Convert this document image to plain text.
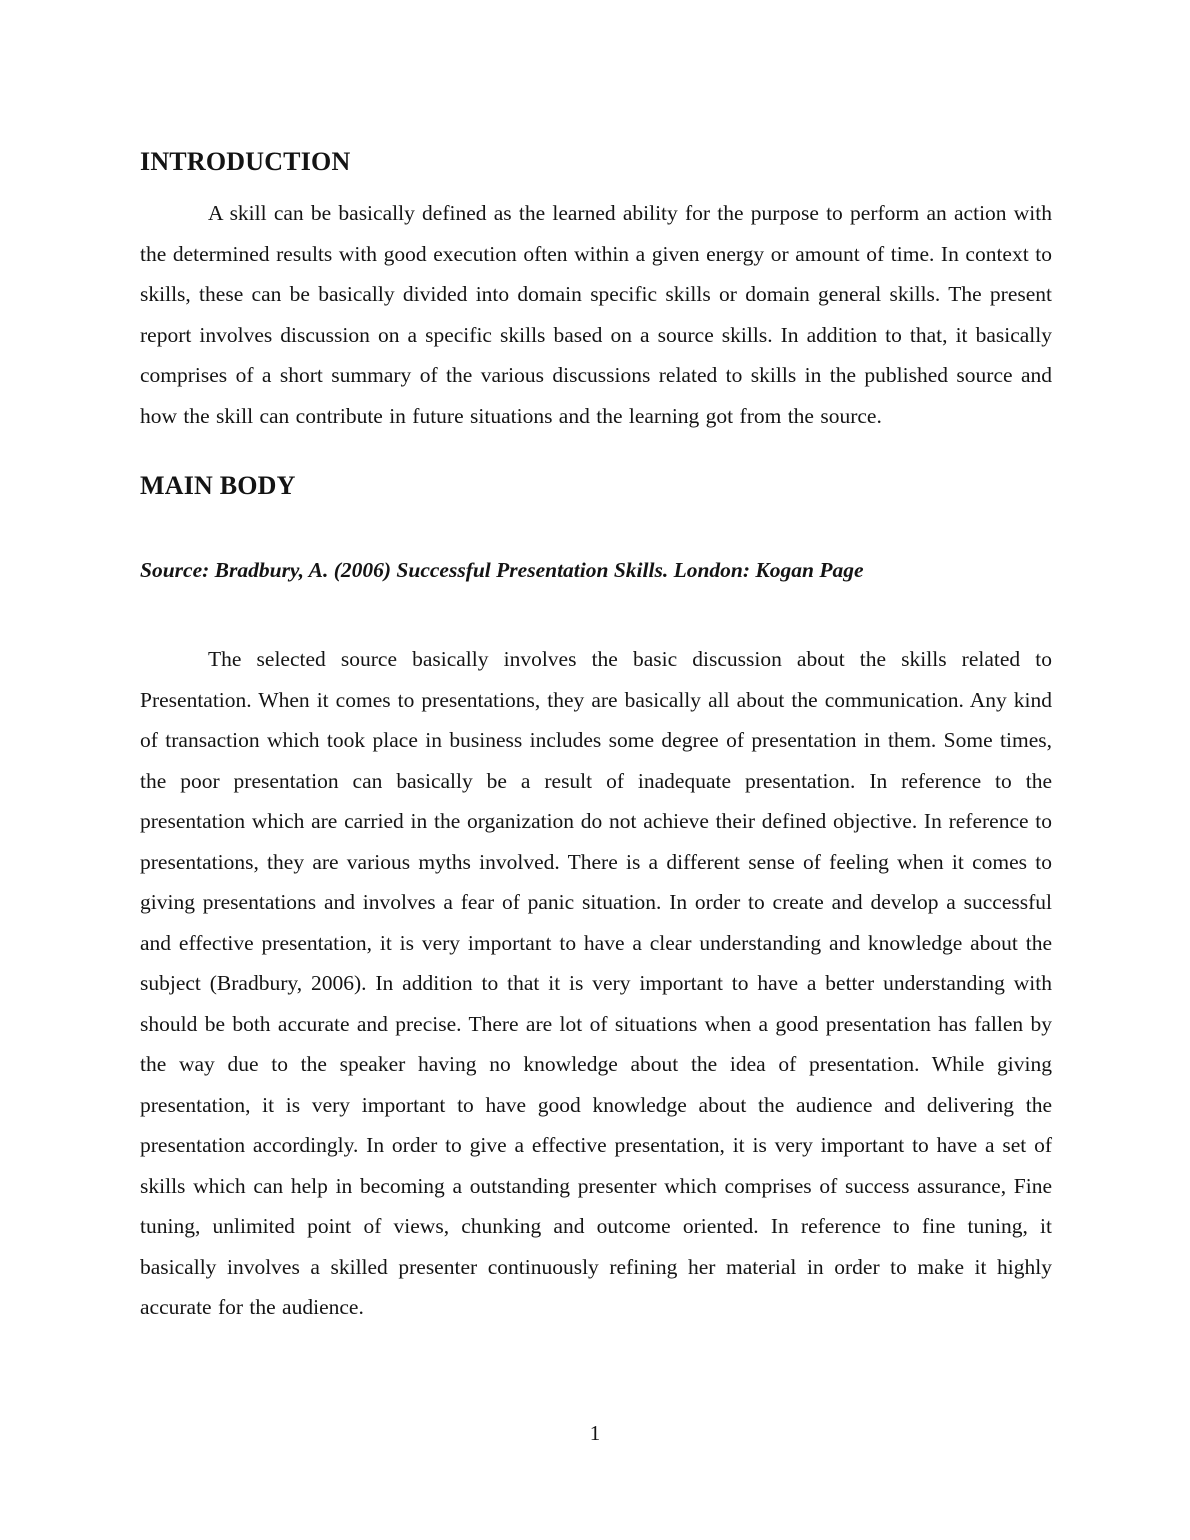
INTRODUCTION

A skill can be basically defined as the learned ability for the purpose to perform an action with the determined results with good execution often within a given energy or amount of time. In context to skills, these can be basically divided into domain specific skills or domain general skills. The present report involves discussion on a specific skills based on a source skills. In addition to that, it basically comprises of a short summary of the various discussions related to skills in the published source and how the skill can contribute in future situations and the learning got from the source.

MAIN BODY

Source: Bradbury, A. (2006) Successful Presentation Skills. London: Kogan Page

The selected source basically involves the basic discussion about the skills related to Presentation. When it comes to presentations, they are basically all about the communication. Any kind of transaction which took place in business includes some degree of presentation in them. Some times, the poor presentation can basically be a result of inadequate presentation. In reference to the presentation which are carried in the organization do not achieve their defined objective. In reference to presentations, they are various myths involved. There is a different sense of feeling when it comes to giving presentations and involves a fear of panic situation. In order to create and develop a successful and effective presentation, it is very important to have a clear understanding and knowledge about the subject (Bradbury, 2006). In addition to that it is very important to have a better understanding with should be both accurate and precise. There are lot of situations when a good presentation has fallen by the way due to the speaker having no knowledge about the idea of presentation. While giving presentation, it is very important to have good knowledge about the audience and delivering the presentation accordingly. In order to give a effective presentation, it is very important to have a set of skills which can help in becoming a outstanding presenter which comprises of success assurance, Fine tuning, unlimited point of views, chunking and outcome oriented. In reference to fine tuning, it basically involves a skilled presenter continuously refining her material in order to make it highly accurate for the audience.

1
